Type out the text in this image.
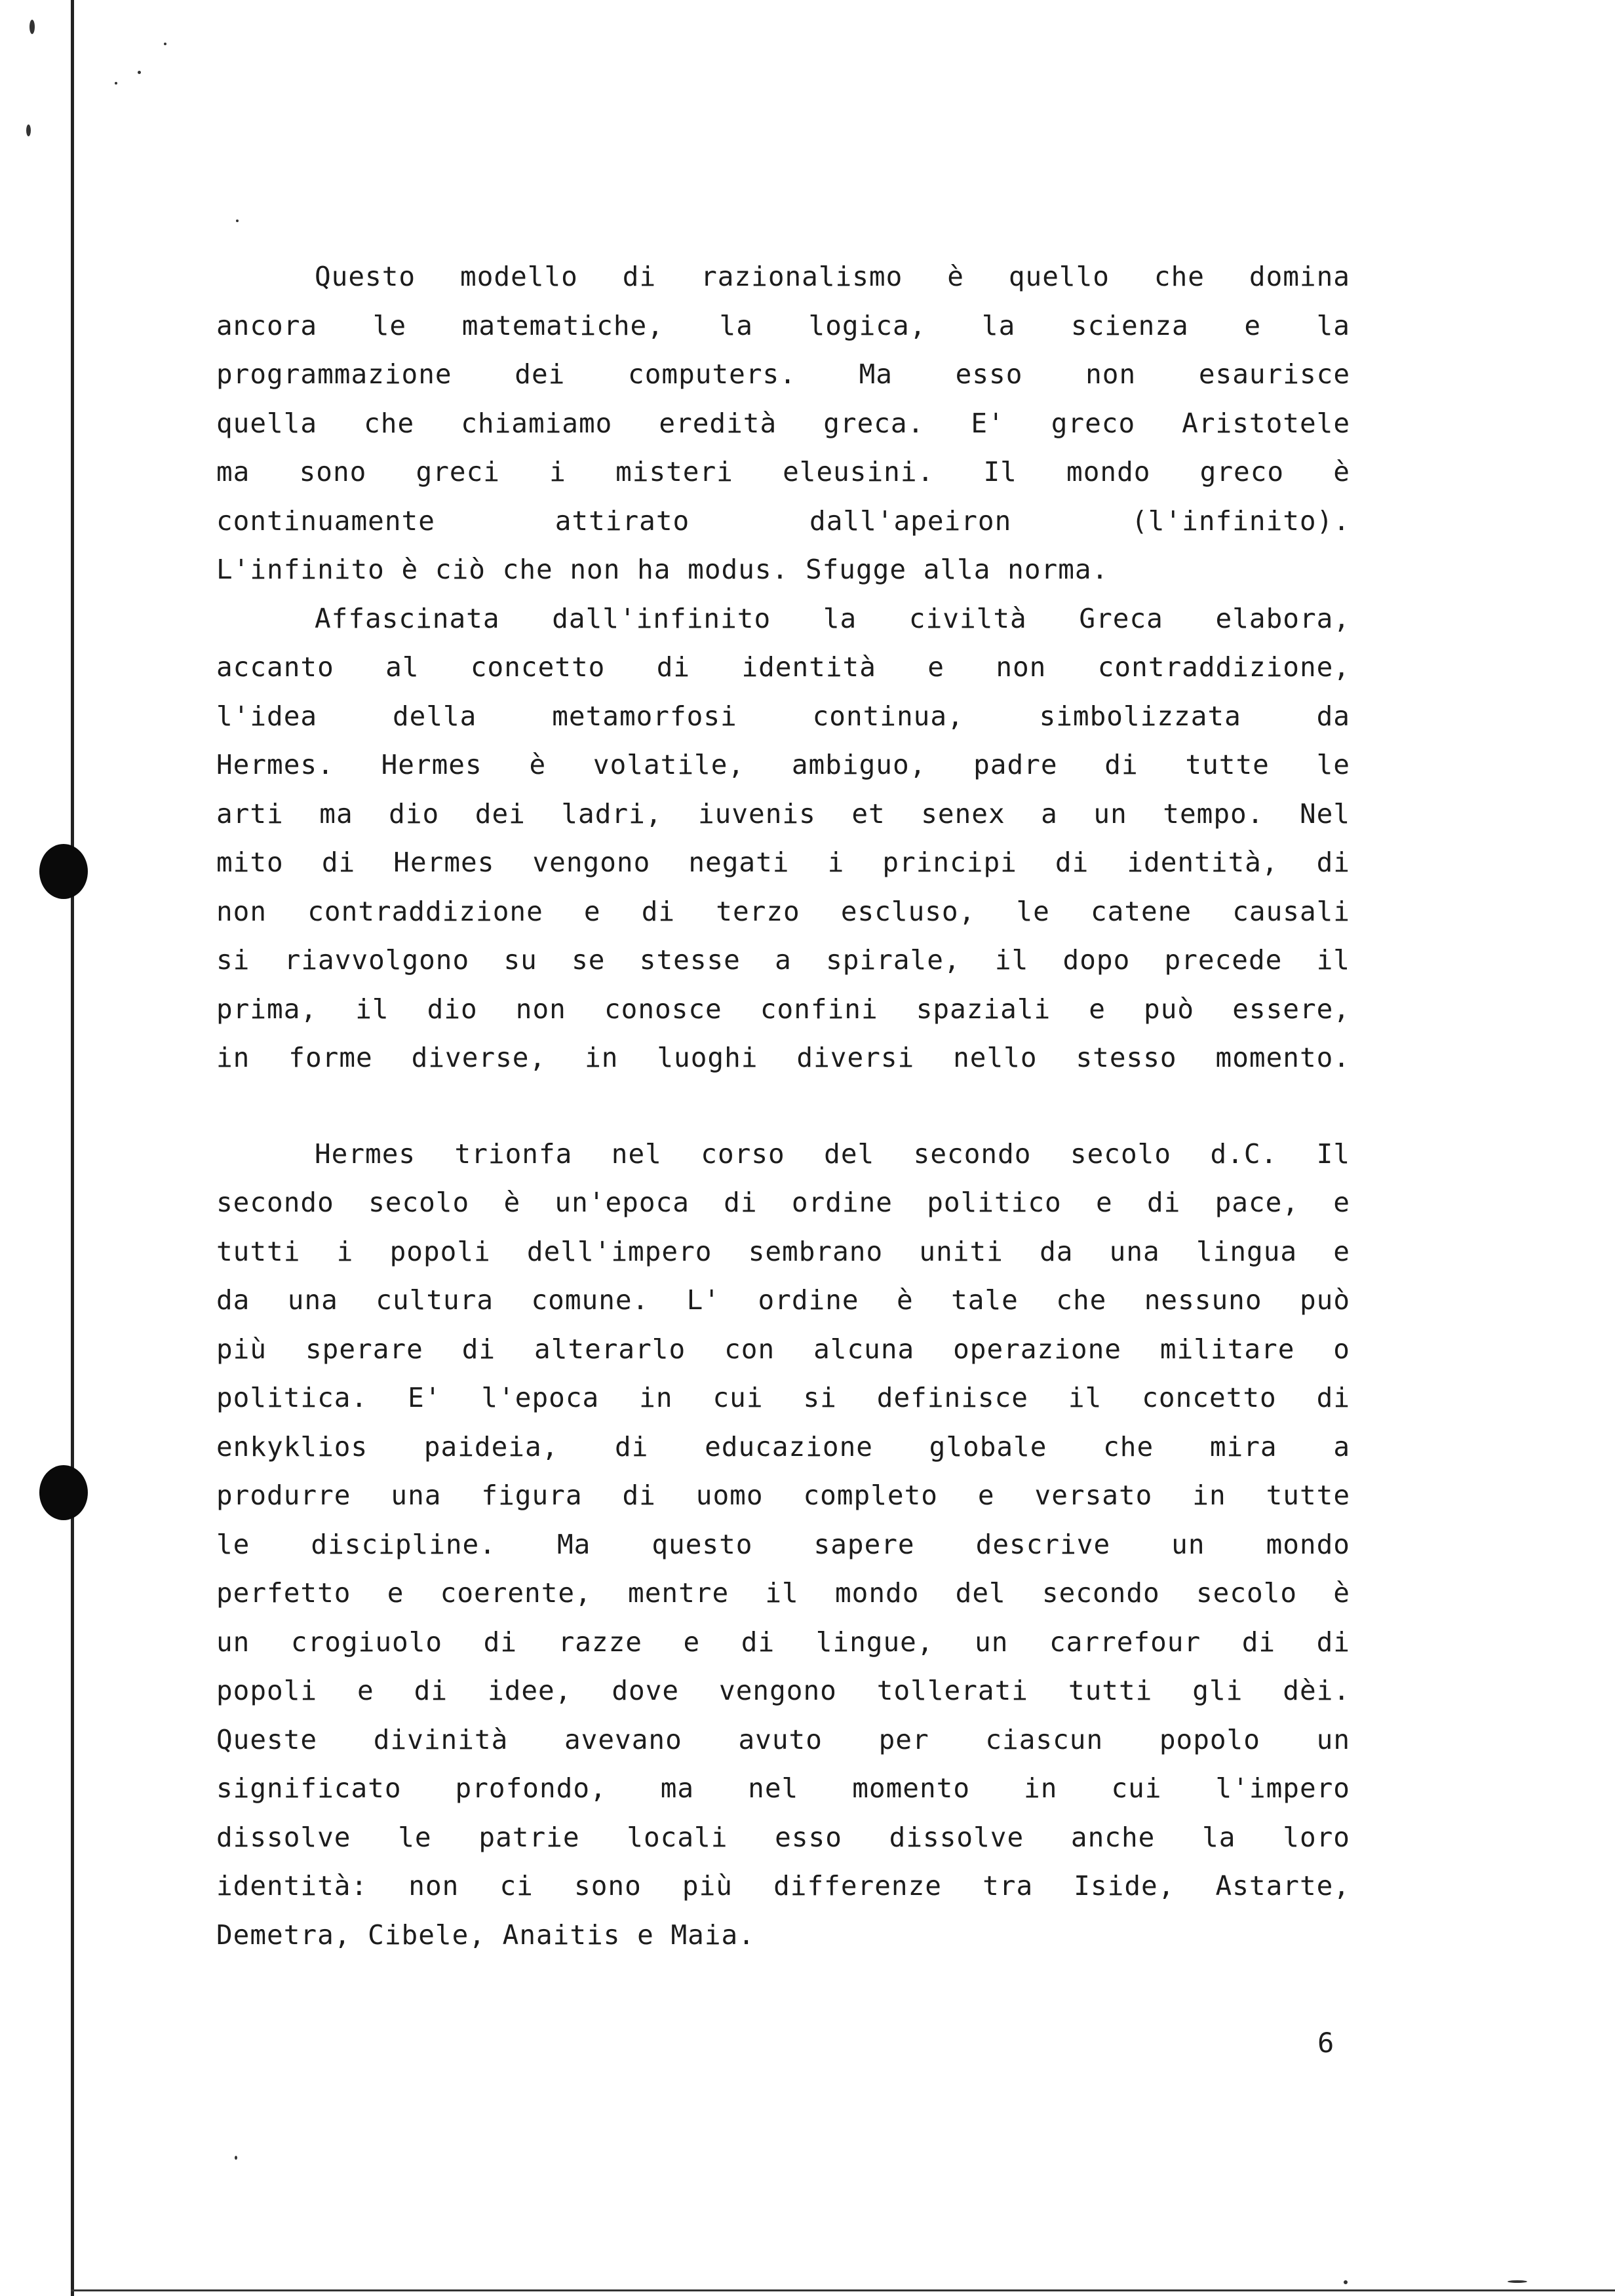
Questo modello di razionalismo è quello che domina
ancora le matematiche, la logica, la scienza e la
programmazione dei computers. Ma esso non esaurisce
quella che chiamiamo eredità greca. E' greco Aristotele
ma sono greci i misteri eleusini. Il mondo greco è
continuamente attirato dall'apeiron (l'infinito).
L'infinito è ciò che non ha modus. Sfugge alla norma.
Affascinata dall'infinito la civiltà Greca elabora,
accanto al concetto di identità e non contraddizione,
l'idea della metamorfosi continua, simbolizzata da
Hermes. Hermes è volatile, ambiguo, padre di tutte le
arti ma dio dei ladri, iuvenis et senex a un tempo. Nel
mito di Hermes vengono negati i principi di identità, di
non contraddizione e di terzo escluso, le catene causali
si riavvolgono su se stesse a spirale, il dopo precede il
prima, il dio non conosce confini spaziali e può essere,
in forme diverse, in luoghi diversi nello stesso momento.
Hermes trionfa nel corso del secondo secolo d.C. Il
secondo secolo è un'epoca di ordine politico e di pace, e
tutti i popoli dell'impero sembrano uniti da una lingua e
da una cultura comune. L' ordine è tale che nessuno può
più sperare di alterarlo con alcuna operazione militare o
politica. E' l'epoca in cui si definisce il concetto di
enkyklios paideia, di educazione globale che mira a
produrre una figura di uomo completo e versato in tutte
le discipline. Ma questo sapere descrive un mondo
perfetto e coerente, mentre il mondo del secondo secolo è
un crogiuolo di razze e di lingue, un carrefour di di
popoli e di idee, dove vengono tollerati tutti gli dèi.
Queste divinità avevano avuto per ciascun popolo un
significato profondo, ma nel momento in cui l'impero
dissolve le patrie locali esso dissolve anche la loro
identità: non ci sono più differenze tra Iside, Astarte,
Demetra, Cibele, Anaitis e Maia.
6
